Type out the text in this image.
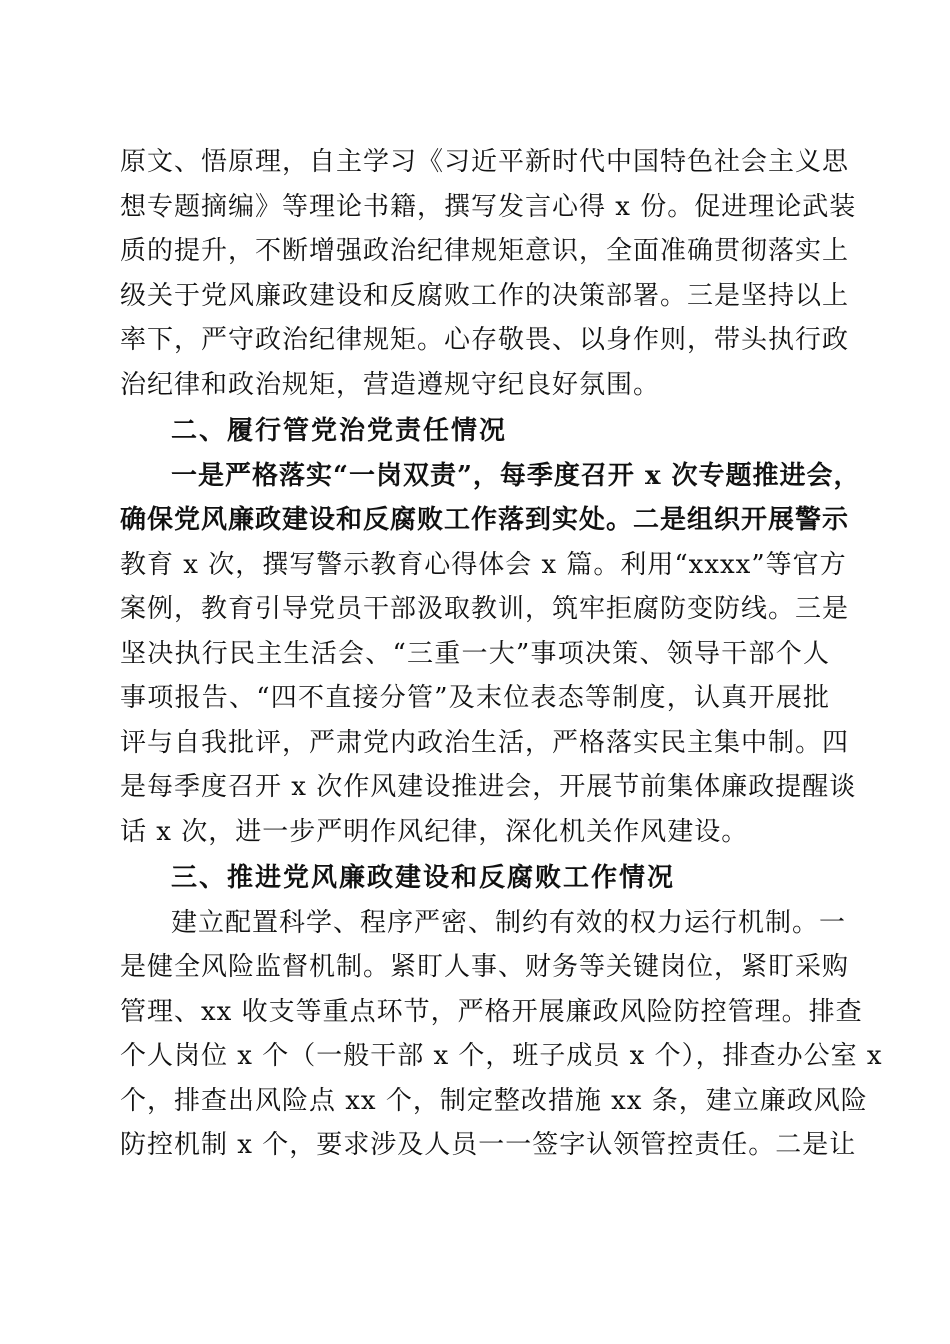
原文、悟原理，自主学习《习近平新时代中国特色社会主义思
想专题摘编》等理论书籍，撰写发言心得 x 份。促进理论武装
质的提升，不断增强政治纪律规矩意识，全面准确贯彻落实上
级关于党风廉政建设和反腐败工作的决策部署。三是坚持以上
率下，严守政治纪律规矩。心存敬畏、以身作则，带头执行政
治纪律和政治规矩，营造遵规守纪良好氛围。
二、履行管党治党责任情况
一是严格落实“一岗双责”，每季度召开 x 次专题推进会，
确保党风廉政建设和反腐败工作落到实处。二是组织开展警示
教育 x 次，撰写警示教育心得体会 x 篇。利用“xxxx”等官方
案例，教育引导党员干部汲取教训，筑牢拒腐防变防线。三是
坚决执行民主生活会、“三重一大”事项决策、领导干部个人
事项报告、“四不直接分管”及末位表态等制度，认真开展批
评与自我批评，严肃党内政治生活，严格落实民主集中制。四
是每季度召开 x 次作风建设推进会，开展节前集体廉政提醒谈
话 x 次，进一步严明作风纪律，深化机关作风建设。
三、推进党风廉政建设和反腐败工作情况
建立配置科学、程序严密、制约有效的权力运行机制。一
是健全风险监督机制。紧盯人事、财务等关键岗位，紧盯采购
管理、xx 收支等重点环节，严格开展廉政风险防控管理。排查
个人岗位 x 个（一般干部 x 个，班子成员 x 个），排查办公室 x
个，排查出风险点 xx 个，制定整改措施 xx 条，建立廉政风险
防控机制 x 个，要求涉及人员一一签字认领管控责任。二是让
